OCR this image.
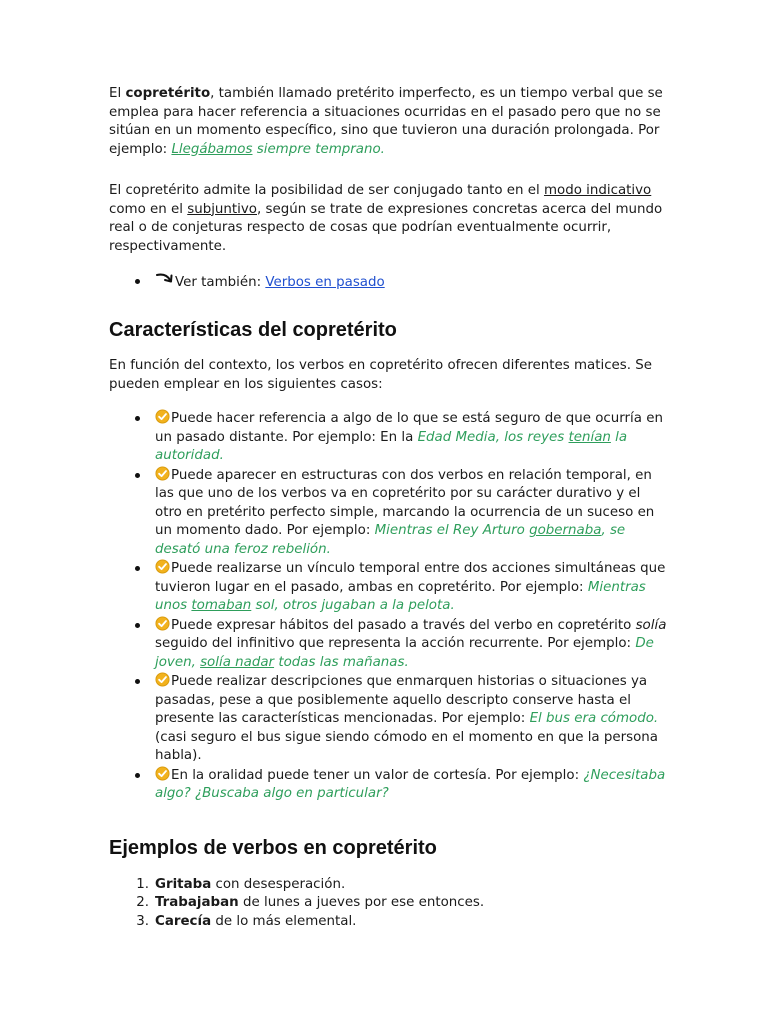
El copretérito, también llamado pretérito imperfecto, es un tiempo verbal que se emplea para hacer referencia a situaciones ocurridas en el pasado pero que no se sitúan en un momento específico, sino que tuvieron una duración prolongada. Por ejemplo: Llegábamos siempre temprano.

El copretérito admite la posibilidad de ser conjugado tanto en el modo indicativo como en el subjuntivo, según se trate de expresiones concretas acerca del mundo real o de conjeturas respecto de cosas que podrían eventualmente ocurrir, respectivamente.

Ver también: Verbos en pasado
Características del copretérito

En función del contexto, los verbos en copretérito ofrecen diferentes matices. Se pueden emplear en los siguientes casos:

Puede hacer referencia a algo de lo que se está seguro de que ocurría en un pasado distante. Por ejemplo: En la Edad Media, los reyes tenían la autoridad.
Puede aparecer en estructuras con dos verbos en relación temporal, en las que uno de los verbos va en copretérito por su carácter durativo y el otro en pretérito perfecto simple, marcando la ocurrencia de un suceso en un momento dado. Por ejemplo: Mientras el Rey Arturo gobernaba, se desató una feroz rebelión.
Puede realizarse un vínculo temporal entre dos acciones simultáneas que tuvieron lugar en el pasado, ambas en copretérito. Por ejemplo: Mientras unos tomaban sol, otros jugaban a la pelota.
Puede expresar hábitos del pasado a través del verbo en copretérito solía seguido del infinitivo que representa la acción recurrente. Por ejemplo: De joven, solía nadar todas las mañanas.
Puede realizar descripciones que enmarquen historias o situaciones ya pasadas, pese a que posiblemente aquello descripto conserve hasta el presente las características mencionadas. Por ejemplo: El bus era cómodo. (casi seguro el bus sigue siendo cómodo en el momento en que la persona habla).
En la oralidad puede tener un valor de cortesía. Por ejemplo: ¿Necesitaba algo? ¿Buscaba algo en particular?
Ejemplos de verbos en copretérito
1. Gritaba con desesperación.
2. Trabajaban de lunes a jueves por ese entonces.
3. Carecía de lo más elemental.
